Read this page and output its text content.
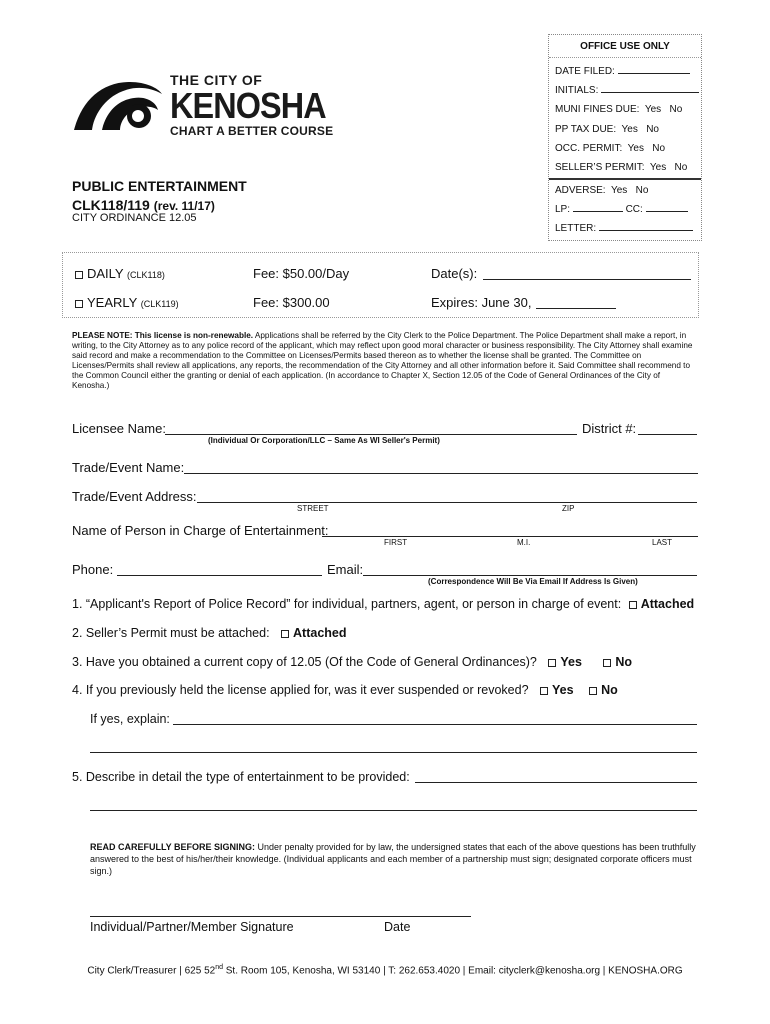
OFFICE USE ONLY
DATE FILED:
INITIALS:
MUNI FINES DUE: Yes No
PP TAX DUE: Yes No
OCC. PERMIT: Yes No
SELLER’S PERMIT: Yes No
ADVERSE: Yes No
LP:	CC:
LETTER:
THE CITY OF
KENOSHA
CHART A BETTER COURSE
PUBLIC ENTERTAINMENT
CLK118/119 (rev. 11/17)
CITY ORDINANCE 12.05
DAILY (CLK118)	Fee: $50.00/Day	Date(s):
YEARLY (CLK119)	Fee: $300.00	Expires: June 30,
PLEASE NOTE: This license is non-renewable. Applications shall be referred by the City Clerk to the Police Department. The Police Department shall make a report, in writing, to the City Attorney as to any police record of the applicant, which may reflect upon good moral character or business responsibility. The City Attorney shall examine said record and make a recommendation to the Committee on Licenses/Permits based thereon as to whether the license shall be granted. The Committee on Licenses/Permits shall review all applications, any reports, the recommendation of the City Attorney and all other information before it. Said Committee shall recommend to the Common Council either the granting or denial of each application. (In accordance to Chapter X, Section 12.05 of the Code of General Ordinances of the City of Kenosha.)
Licensee Name:	District #:
(Individual Or Corporation/LLC – Same As WI Seller's Permit)
Trade/Event Name:
Trade/Event Address:
STREET	ZIP
Name of Person in Charge of Entertainment:
FIRST	M.I.	LAST
Phone:	Email:
(Correspondence Will Be Via Email If Address Is Given)
1. “Applicant's Report of Police Record” for individual, partners, agent, or person in charge of event: Attached
2. Seller’s Permit must be attached: Attached
3. Have you obtained a current copy of 12.05 (Of the Code of General Ordinances)? Yes	No
4. If you previously held the license applied for, was it ever suspended or revoked? Yes No
If yes, explain:
5. Describe in detail the type of entertainment to be provided:
READ CAREFULLY BEFORE SIGNING: Under penalty provided for by law, the undersigned states that each of the above questions has been truthfully answered to the best of his/her/their knowledge. (Individual applicants and each member of a partnership must sign; designated corporate officers must sign.)
Individual/Partner/Member Signature	Date
City Clerk/Treasurer | 625 52nd St. Room 105, Kenosha, WI 53140 | T: 262.653.4020 | Email: cityclerk@kenosha.org | KENOSHA.ORG
